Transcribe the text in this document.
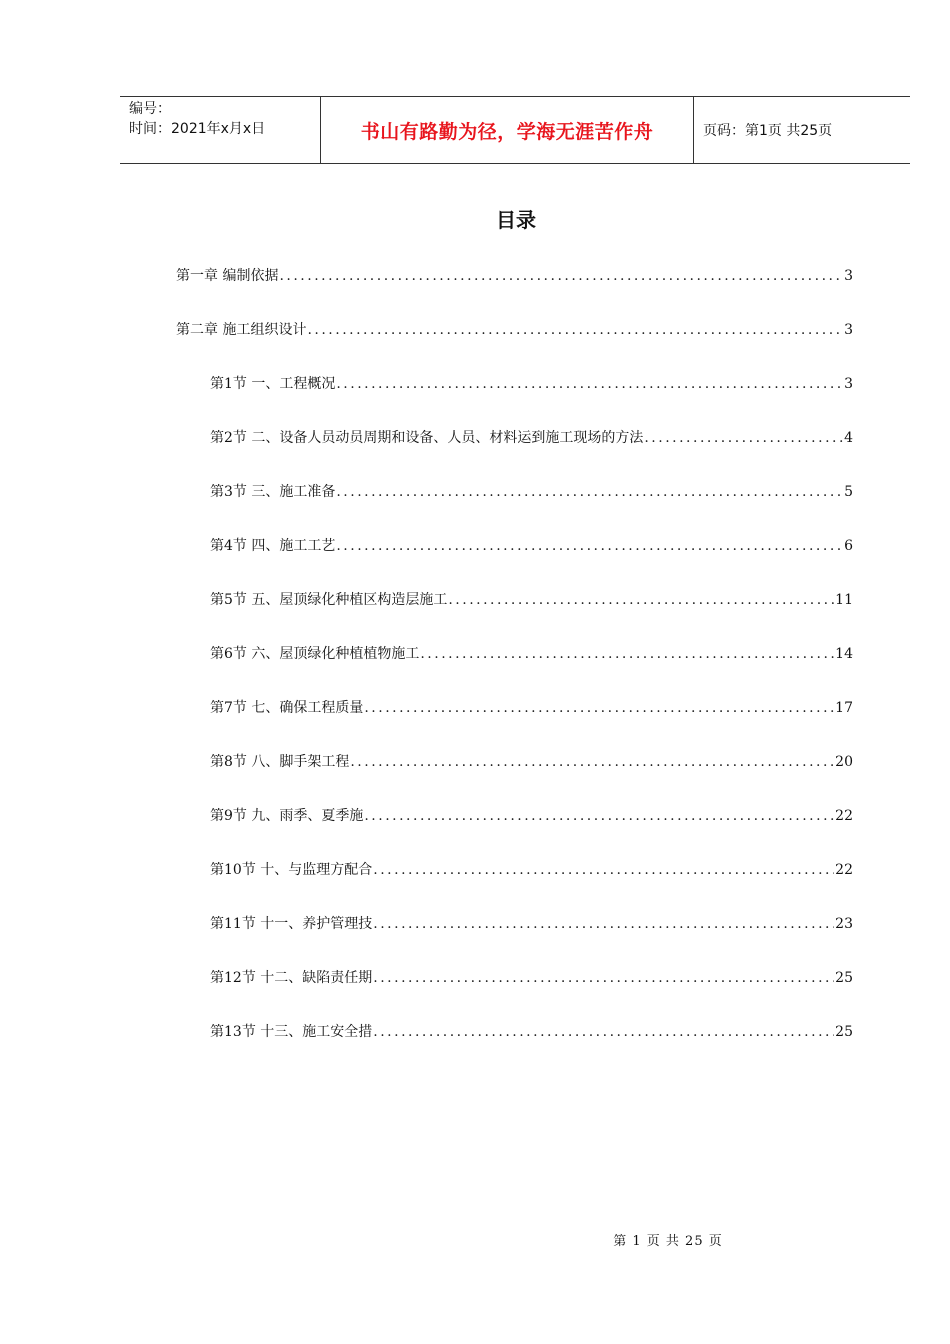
编号：
时间：2021年x月x日	书山有路勤为径，学海无涯苦作舟	页码：第1页 共25页
目录
第一章 编制依据 .....	3
第二章 施工组织设计 .....	3
第1节 一、工程概况 .....	3
第2节 二、设备人员动员周期和设备、人员、材料运到施工现场的方法 .....	4
第3节 三、施工准备 .....	5
第4节 四、施工工艺 .....	6
第5节 五、屋顶绿化种植区构造层施工 .....	11
第6节 六、屋顶绿化种植植物施工 .....	14
第7节 七、确保工程质量 .....	17
第8节 八、脚手架工程 .....	20
第9节 九、雨季、夏季施 .....	22
第10节 十、与监理方配合 .....	22
第11节 十一、养护管理技 .....	23
第12节 十二、缺陷责任期 .....	25
第13节 十三、施工安全措 .....	25
第 1 页 共 25 页
